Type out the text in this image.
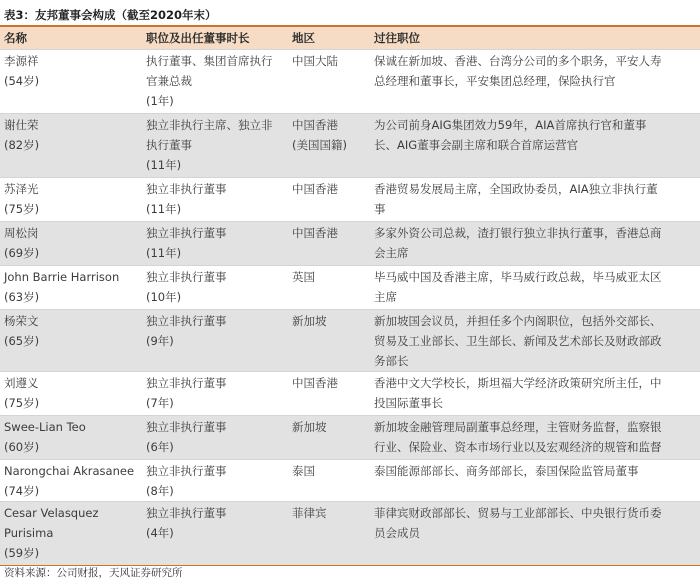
表3：友邦董事会构成（截至2020年末）
名称	职位及出任董事时长	地区	过往职位

李源祥
(54岁)	执行董事、集团首席执行
官兼总裁
(1年)	中国大陆	保诚在新加坡、香港、台湾分公司的多个职务，平安人寿
总经理和董事长，平安集团总经理，保险执行官

谢仕荣
(82岁)	独立非执行主席、独立非
执行董事
(11年)	中国香港
(美国国籍)	为公司前身AIG集团效力59年，AIA首席执行官和董事
长、AIG董事会副主席和联合首席运营官

苏泽光
(75岁)	独立非执行董事
(11年)	中国香港	香港贸易发展局主席，全国政协委员，AIA独立非执行董
事

周松岗
(69岁)	独立非执行董事
(11年)	中国香港	多家外资公司总裁，渣打银行独立非执行董事，香港总商
会主席

John Barrie Harrison
(63岁)	独立非执行董事
(10年)	英国	毕马威中国及香港主席，毕马威行政总裁，毕马威亚太区
主席

杨荣文
(65岁)	独立非执行董事
(9年)	新加坡	新加坡国会议员，并担任多个内阁职位，包括外交部长、
贸易及工业部长、卫生部长、新闻及艺术部长及财政部政
务部长

刘遵义
(75岁)	独立非执行董事
(7年)	中国香港	香港中文大学校长，斯坦福大学经济政策研究所主任，中
投国际董事长

Swee-Lian Teo
(60岁)	独立非执行董事
(6年)	新加坡	新加坡金融管理局副董事总经理，主管财务监督，监察银
行业、保险业、资本市场行业以及宏观经济的规管和监督

Narongchai Akrasanee
(74岁)	独立非执行董事
(8年)	泰国	泰国能源部部长、商务部部长，泰国保险监管局董事

Cesar Velasquez
Purisima
(59岁)	独立非执行董事
(4年)	菲律宾	菲律宾财政部部长、贸易与工业部部长、中央银行货币委
员会成员
资料来源：公司财报，天风证券研究所
